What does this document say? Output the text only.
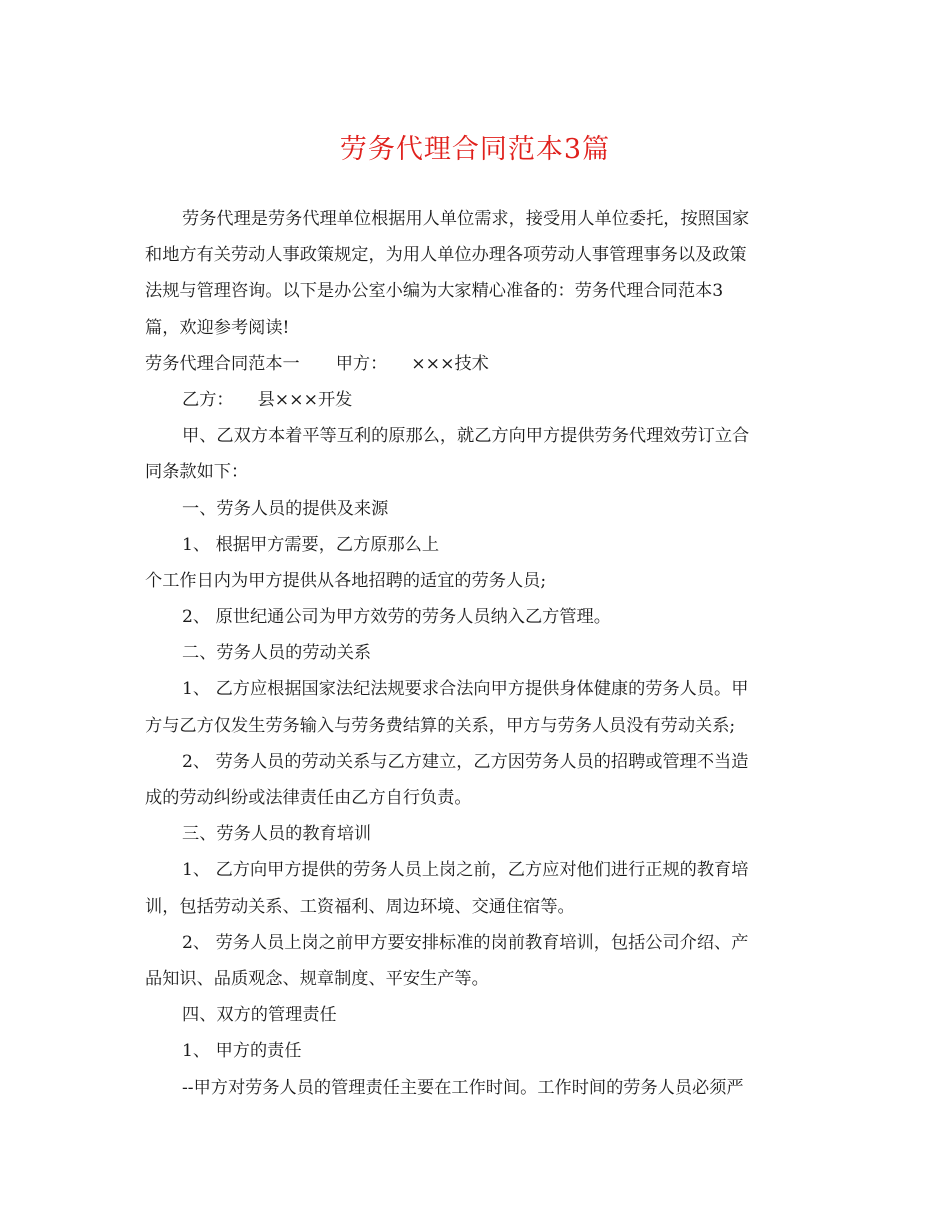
劳务代理合同范本3篇
劳务代理是劳务代理单位根据用人单位需求，接受用人单位委托，按照国家
和地方有关劳动人事政策规定，为用人单位办理各项劳动人事管理事务以及政策
法规与管理咨询。以下是办公室小编为大家精心准备的：劳务代理合同范本3
篇，欢迎参考阅读!
劳务代理合同范本一 甲方： ×××技术
乙方： 县×××开发
甲、乙双方本着平等互利的原那么，就乙方向甲方提供劳务代理效劳订立合
同条款如下：
一、劳务人员的提供及来源
1、 根据甲方需要，乙方原那么上
个工作日内为甲方提供从各地招聘的适宜的劳务人员;
2、 原世纪通公司为甲方效劳的劳务人员纳入乙方管理。
二、劳务人员的劳动关系
1、 乙方应根据国家法纪法规要求合法向甲方提供身体健康的劳务人员。甲
方与乙方仅发生劳务输入与劳务费结算的关系，甲方与劳务人员没有劳动关系;
2、 劳务人员的劳动关系与乙方建立，乙方因劳务人员的招聘或管理不当造
成的劳动纠纷或法律责任由乙方自行负责。
三、劳务人员的教育培训
1、 乙方向甲方提供的劳务人员上岗之前，乙方应对他们进行正规的教育培
训，包括劳动关系、工资福利、周边环境、交通住宿等。
2、 劳务人员上岗之前甲方要安排标准的岗前教育培训，包括公司介绍、产
品知识、品质观念、规章制度、平安生产等。
四、双方的管理责任
1、 甲方的责任
--甲方对劳务人员的管理责任主要在工作时间。工作时间的劳务人员必须严
